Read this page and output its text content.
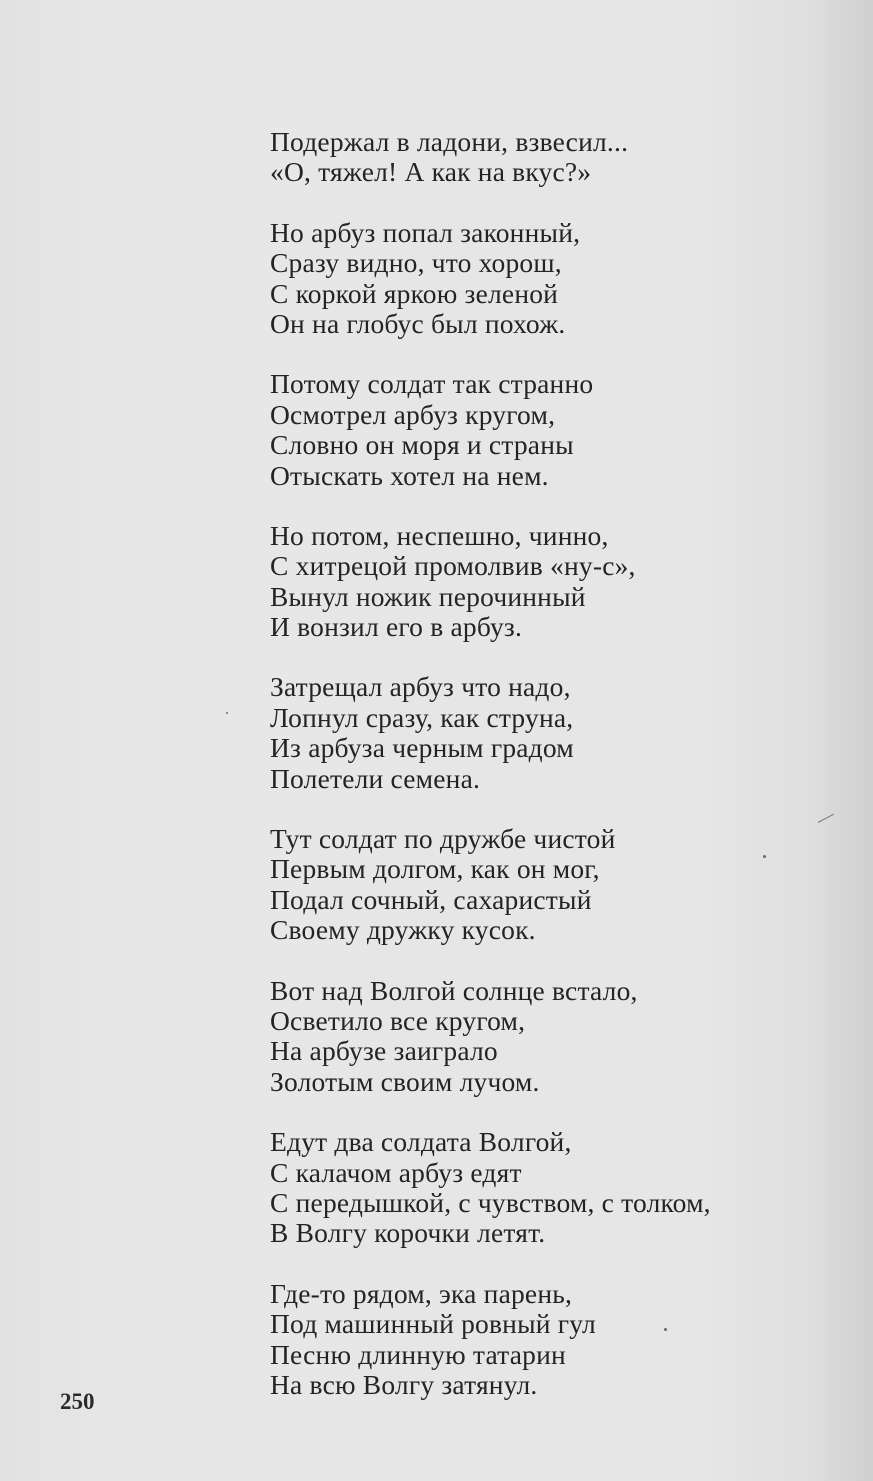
Подержал в ладони, взвесил...
«О, тяжел! А как на вкус?»
Но арбуз попал законный,
Сразу видно, что хорош,
С коркой яркою зеленой
Он на глобус был похож.
Потому солдат так странно
Осмотрел арбуз кругом,
Словно он моря и страны
Отыскать хотел на нем.
Но потом, неспешно, чинно,
С хитрецой промолвив «ну-с»,
Вынул ножик перочинный
И вонзил его в арбуз.
Затрещал арбуз что надо,
Лопнул сразу, как струна,
Из арбуза черным градом
Полетели семена.
Тут солдат по дружбе чистой
Первым долгом, как он мог,
Подал сочный, сахаристый
Своему дружку кусок.
Вот над Волгой солнце встало,
Осветило все кругом,
На арбузе заиграло
Золотым своим лучом.
Едут два солдата Волгой,
С калачом арбуз едят
С передышкой, с чувством, с толком,
В Волгу корочки летят.
Где-то рядом, эка парень,
Под машинный ровный гул
Песню длинную татарин
На всю Волгу затянул.
250
